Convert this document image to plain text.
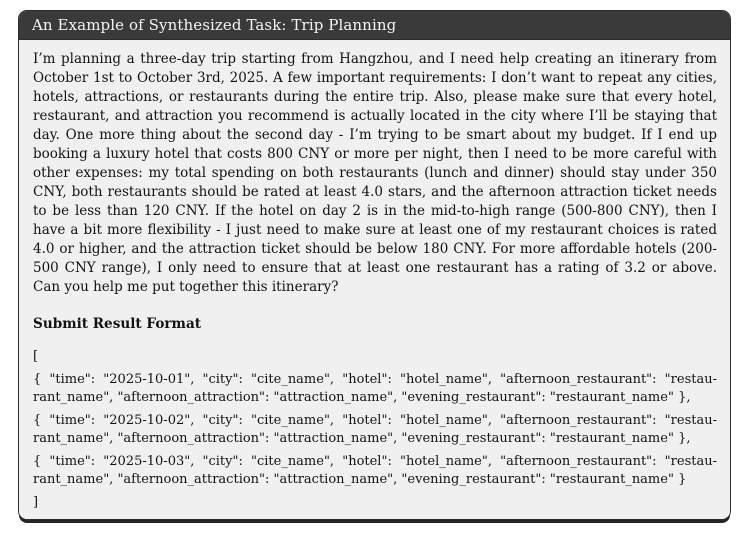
An Example of Synthesized Task: Trip Planning

I’m planning a three-day trip starting from Hangzhou, and I need help creating an itinerary from October 1st to October 3rd, 2025. A few important requirements: I don’t want to repeat any cities, hotels, attractions, or restaurants during the entire trip. Also, please make sure that every hotel, restaurant, and attraction you recommend is actually located in the city where I’ll be staying that day. One more thing about the second day - I’m trying to be smart about my budget. If I end up booking a luxury hotel that costs 800 CNY or more per night, then I need to be more careful with other expenses: my total spending on both restaurants (lunch and dinner) should stay under 350 CNY, both restaurants should be rated at least 4.0 stars, and the afternoon attraction ticket needs to be less than 120 CNY. If the hotel on day 2 is in the mid-to-high range (500-800 CNY), then I have a bit more flexibility - I just need to make sure at least one of my restaurant choices is rated 4.0 or higher, and the attraction ticket should be below 180 CNY. For more affordable hotels (200-500 CNY range), I only need to ensure that at least one restaurant has a rating of 3.2 or above. Can you help me put together this itinerary?

Submit Result Format
[
{ "time": "2025-10-01", "city": "cite_name", "hotel": "hotel_name", "afternoon_restaurant": "restau-
rant_name", "afternoon_attraction": "attraction_name", "evening_restaurant": "restaurant_name" },
{ "time": "2025-10-02", "city": "cite_name", "hotel": "hotel_name", "afternoon_restaurant": "restau-
rant_name", "afternoon_attraction": "attraction_name", "evening_restaurant": "restaurant_name" },
{ "time": "2025-10-03", "city": "cite_name", "hotel": "hotel_name", "afternoon_restaurant": "restau-
rant_name", "afternoon_attraction": "attraction_name", "evening_restaurant": "restaurant_name" }
]
